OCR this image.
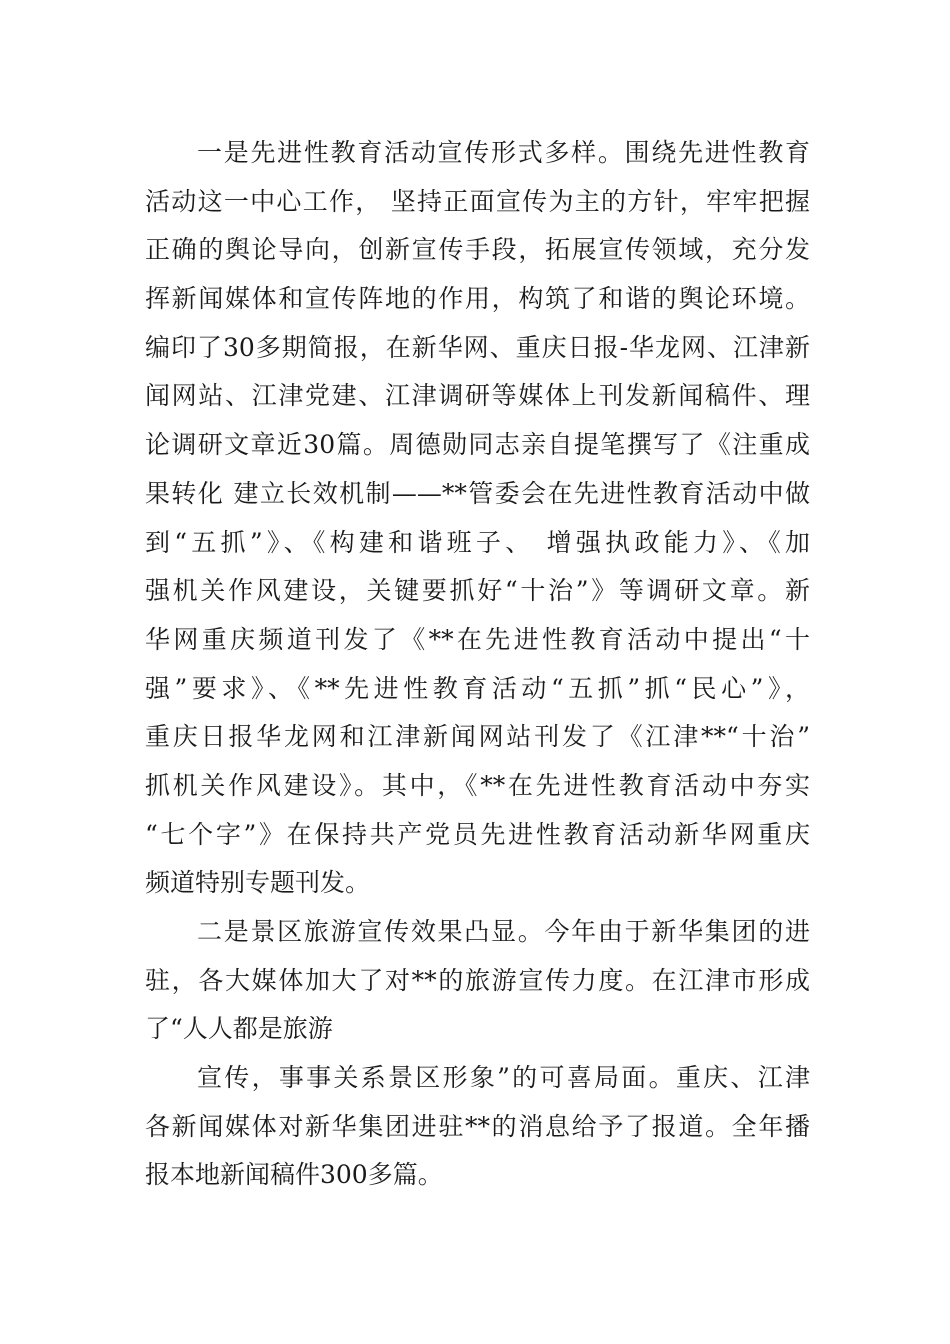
一是先进性教育活动宣传形式多样。围绕先进性教育
活动这一中心工作， 坚持正面宣传为主的方针，牢牢把握
正确的舆论导向，创新宣传手段，拓展宣传领域，充分发
挥新闻媒体和宣传阵地的作用，构筑了和谐的舆论环境。
编印了30多期简报，在新华网、重庆日报-华龙网、江津新
闻网站、江津党建、江津调研等媒体上刊发新闻稿件、理
论调研文章近30篇。周德勋同志亲自提笔撰写了《注重成
果转化 建立长效机制——**管委会在先进性教育活动中做
到“五抓”》、《构建和谐班子、 增强执政能力》、《加
强机关作风建设，关键要抓好“十治”》等调研文章。新
华网重庆频道刊发了《**在先进性教育活动中提出“十
强”要求》、《**先进性教育活动“五抓”抓“民心”》，
重庆日报华龙网和江津新闻网站刊发了《江津**“十治”
抓机关作风建设》。其中，《**在先进性教育活动中夯实
“七个字”》在保持共产党员先进性教育活动新华网重庆
频道特别专题刊发。
二是景区旅游宣传效果凸显。今年由于新华集团的进
驻，各大媒体加大了对**的旅游宣传力度。在江津市形成
了“人人都是旅游
宣传，事事关系景区形象”的可喜局面。重庆、江津
各新闻媒体对新华集团进驻**的消息给予了报道。全年播
报本地新闻稿件300多篇。
